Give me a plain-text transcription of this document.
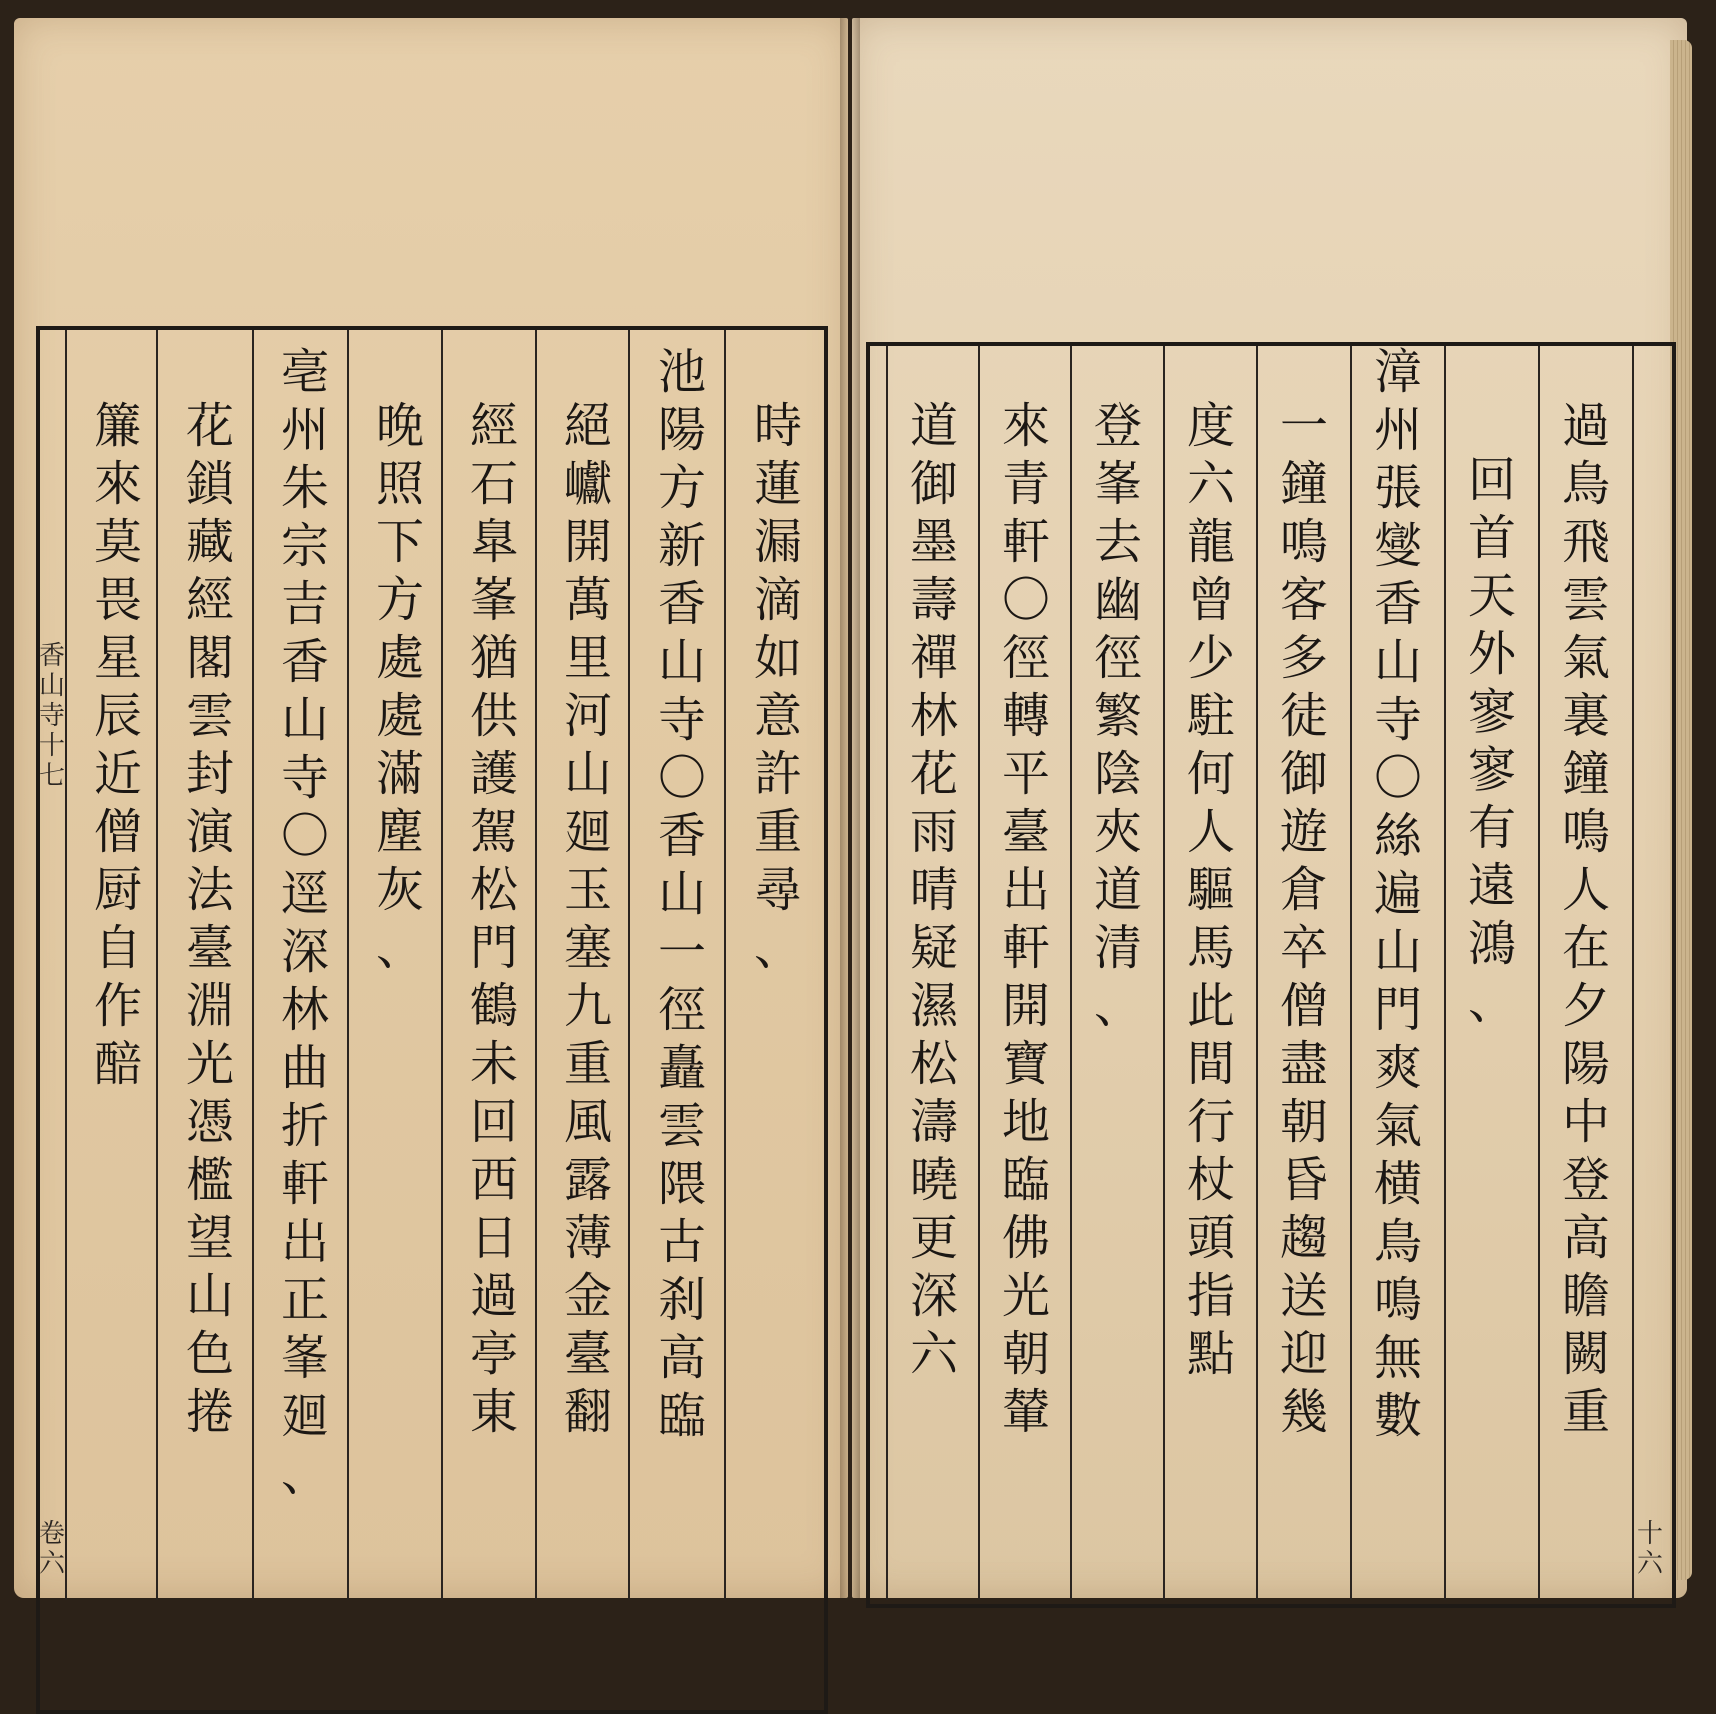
時
蓮
漏
滴
如
意
許
重
尋
、
池
陽
方
新
香
山
寺
〇
香
山
一
徑
矗
雲
隈
古
刹
高
臨
絕
巘
開
萬
里
河
山
廻
玉
塞
九
重
風
露
薄
金
臺
翻
經
石
臯
峯
猶
供
護
駕
松
門
鶴
未
回
西
日
過
亭
東
晚
照
下
方
處
處
滿
塵
灰
、
亳
州
朱
宗
吉
香
山
寺
〇
逕
深
林
曲
折
軒
出
正
峯
廻
、
花
鎖
藏
經
閣
雲
封
演
法
臺
淵
光
憑
檻
望
山
色
捲
簾
來
莫
畏
星
辰
近
僧
厨
自
作
醅
香
山
寺
十
七
卷
六
過
鳥
飛
雲
氣
裏
鐘
鳴
人
在
夕
陽
中
登
高
瞻
闕
重
回
首
天
外
寥
寥
有
遠
鴻
、
漳
州
張
燮
香
山
寺
〇
絲
遍
山
門
爽
氣
横
鳥
鳴
無
數
一
鐘
鳴
客
多
徒
御
遊
倉
卒
僧
盡
朝
昏
趨
送
迎
幾
度
六
龍
曾
少
駐
何
人
驅
馬
此
間
行
杖
頭
指
點
登
峯
去
幽
徑
繁
陰
夾
道
清
、
來
青
軒
〇
徑
轉
平
臺
出
軒
開
寶
地
臨
佛
光
朝
輦
道
御
墨
壽
禪
林
花
雨
晴
疑
濕
松
濤
曉
更
深
六
十
六
